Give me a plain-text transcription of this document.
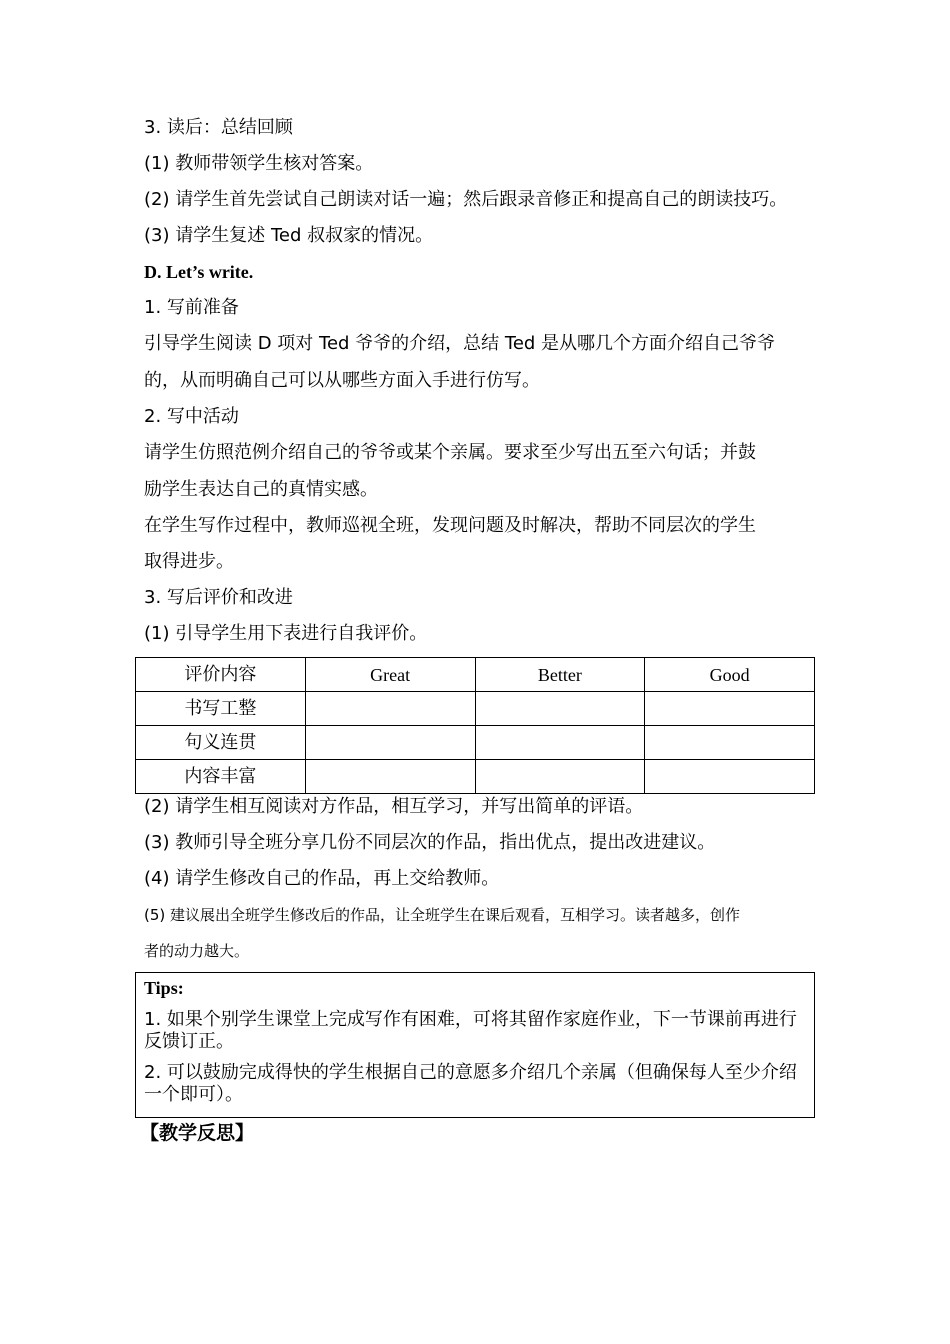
3. 读后：总结回顾
(1) 教师带领学生核对答案。
(2) 请学生首先尝试自己朗读对话一遍；然后跟录音修正和提高自己的朗读技巧。
(3) 请学生复述 Ted 叔叔家的情况。
D. Let’s write.
1. 写前准备
引导学生阅读 D 项对 Ted 爷爷的介绍，总结 Ted 是从哪几个方面介绍自己爷爷
的，从而明确自己可以从哪些方面入手进行仿写。
2. 写中活动
请学生仿照范例介绍自己的爷爷或某个亲属。要求至少写出五至六句话；并鼓
励学生表达自己的真情实感。
在学生写作过程中，教师巡视全班，发现问题及时解决，帮助不同层次的学生
取得进步。
3. 写后评价和改进
(1) 引导学生用下表进行自我评价。
评价内容	Great	Better	Good
书写工整			
句义连贯			
内容丰富			
(2) 请学生相互阅读对方作品，相互学习，并写出简单的评语。
(3) 教师引导全班分享几份不同层次的作品，指出优点，提出改进建议。
(4) 请学生修改自己的作品，再上交给教师。
(5) 建议展出全班学生修改后的作品，让全班学生在课后观看，互相学习。读者越多，创作
者的动力越大。
Tips:
1. 如果个别学生课堂上完成写作有困难，可将其留作家庭作业，下一节课前再进行反馈订正。
2. 可以鼓励完成得快的学生根据自己的意愿多介绍几个亲属（但确保每人至少介绍一个即可）。
【教学反思】
